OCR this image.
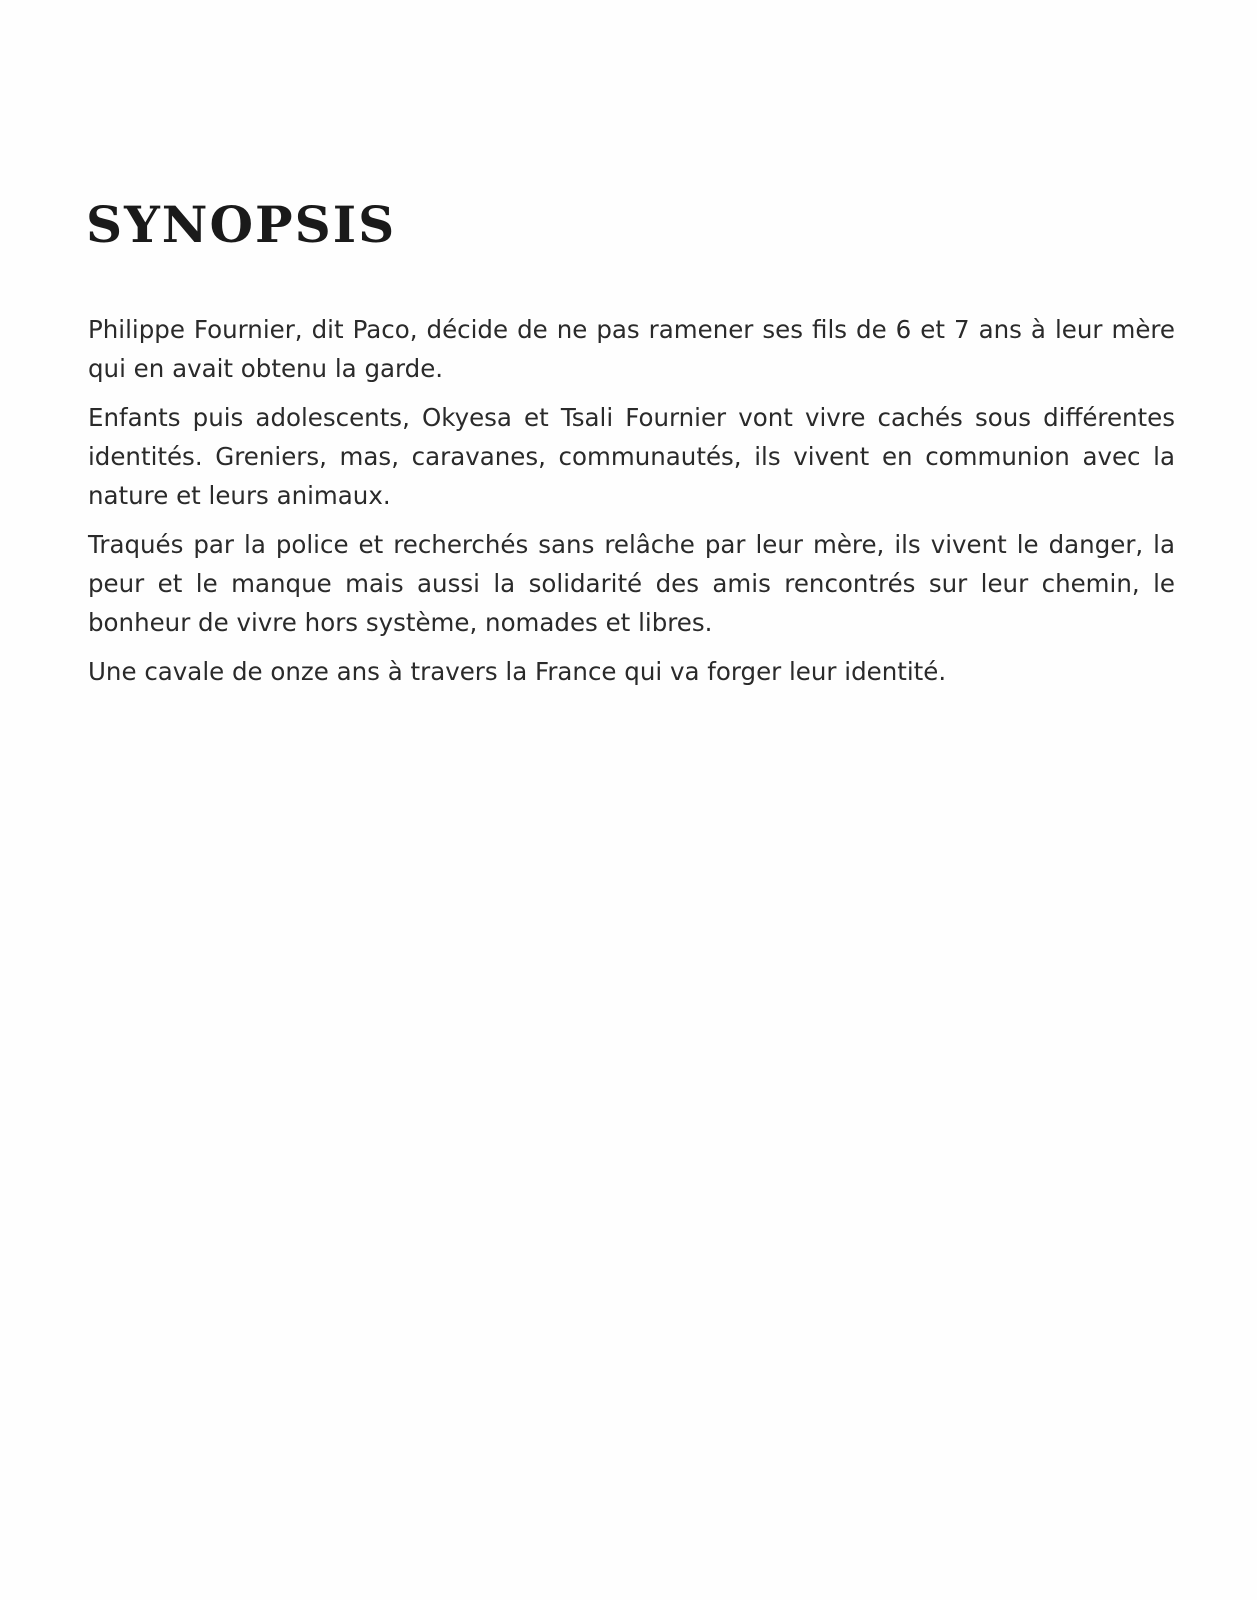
SYNOPSIS

Philippe Fournier, dit Paco, décide de ne pas ramener ses fils de 6 et 7 ans à leur mère qui en avait obtenu la garde.

Enfants puis adolescents, Okyesa et Tsali Fournier vont vivre cachés sous différentes identités. Greniers, mas, caravanes, communautés, ils vivent en communion avec la nature et leurs animaux.

Traqués par la police et recherchés sans relâche par leur mère, ils vivent le danger, la peur et le manque mais aussi la solidarité des amis rencontrés sur leur chemin, le bonheur de vivre hors système, nomades et libres.

Une cavale de onze ans à travers la France qui va forger leur identité.
